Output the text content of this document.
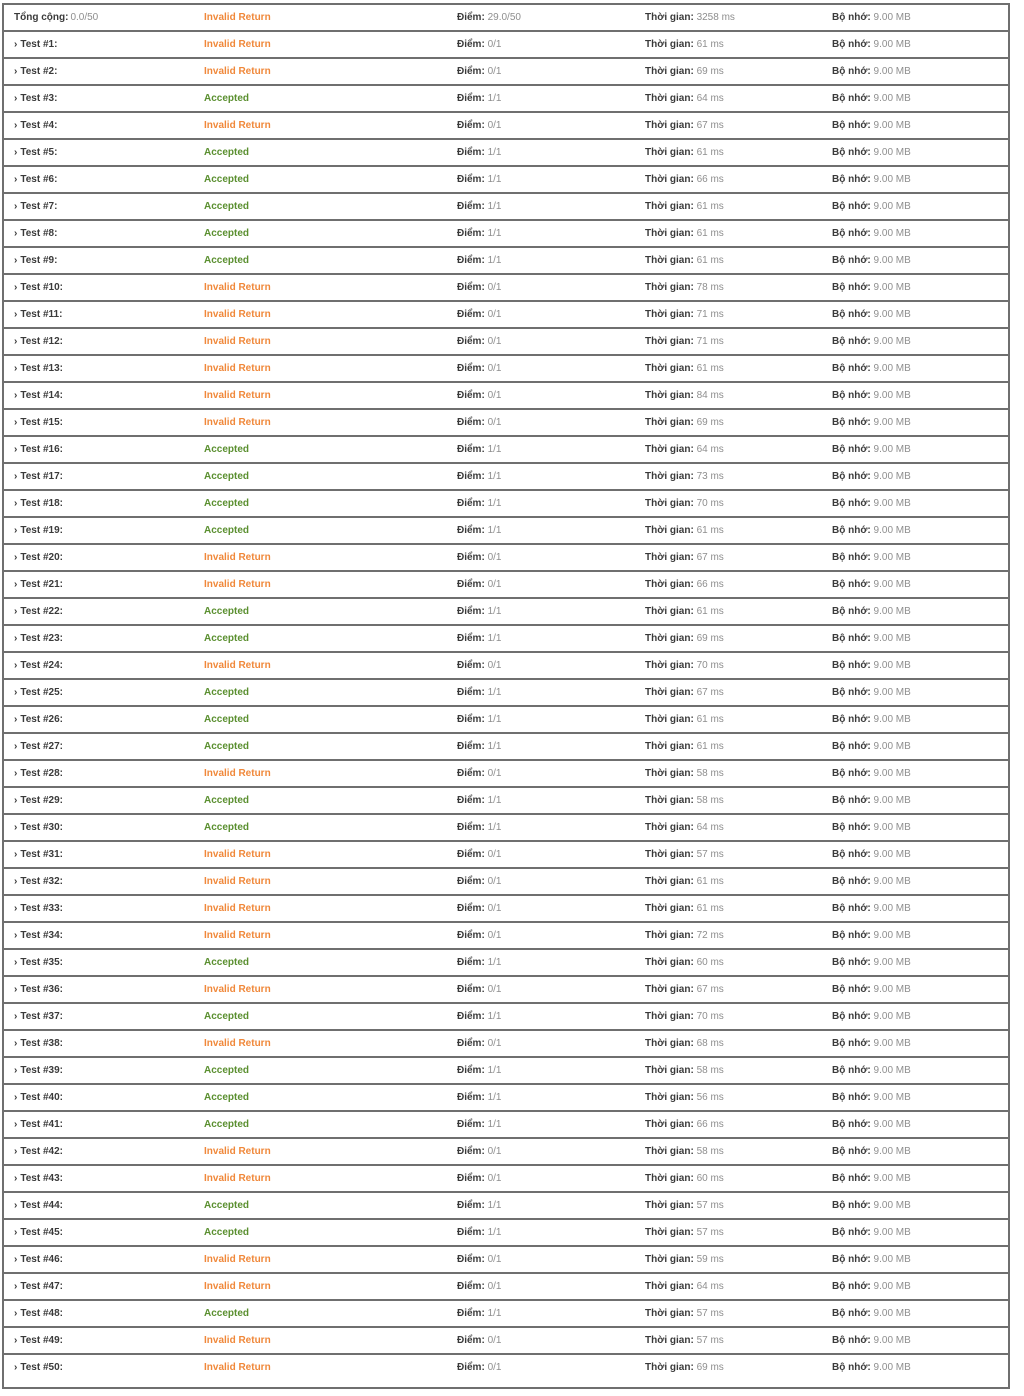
Tổng cộng: 0.0/50	Invalid Return	Điểm: 29.0/50	Thời gian: 3258 ms	Bộ nhớ: 9.00 MB
› Test #1:	Invalid Return	Điểm: 0/1	Thời gian: 61 ms	Bộ nhớ: 9.00 MB
› Test #2:	Invalid Return	Điểm: 0/1	Thời gian: 69 ms	Bộ nhớ: 9.00 MB
› Test #3:	Accepted	Điểm: 1/1	Thời gian: 64 ms	Bộ nhớ: 9.00 MB
› Test #4:	Invalid Return	Điểm: 0/1	Thời gian: 67 ms	Bộ nhớ: 9.00 MB
› Test #5:	Accepted	Điểm: 1/1	Thời gian: 61 ms	Bộ nhớ: 9.00 MB
› Test #6:	Accepted	Điểm: 1/1	Thời gian: 66 ms	Bộ nhớ: 9.00 MB
› Test #7:	Accepted	Điểm: 1/1	Thời gian: 61 ms	Bộ nhớ: 9.00 MB
› Test #8:	Accepted	Điểm: 1/1	Thời gian: 61 ms	Bộ nhớ: 9.00 MB
› Test #9:	Accepted	Điểm: 1/1	Thời gian: 61 ms	Bộ nhớ: 9.00 MB
› Test #10:	Invalid Return	Điểm: 0/1	Thời gian: 78 ms	Bộ nhớ: 9.00 MB
› Test #11:	Invalid Return	Điểm: 0/1	Thời gian: 71 ms	Bộ nhớ: 9.00 MB
› Test #12:	Invalid Return	Điểm: 0/1	Thời gian: 71 ms	Bộ nhớ: 9.00 MB
› Test #13:	Invalid Return	Điểm: 0/1	Thời gian: 61 ms	Bộ nhớ: 9.00 MB
› Test #14:	Invalid Return	Điểm: 0/1	Thời gian: 84 ms	Bộ nhớ: 9.00 MB
› Test #15:	Invalid Return	Điểm: 0/1	Thời gian: 69 ms	Bộ nhớ: 9.00 MB
› Test #16:	Accepted	Điểm: 1/1	Thời gian: 64 ms	Bộ nhớ: 9.00 MB
› Test #17:	Accepted	Điểm: 1/1	Thời gian: 73 ms	Bộ nhớ: 9.00 MB
› Test #18:	Accepted	Điểm: 1/1	Thời gian: 70 ms	Bộ nhớ: 9.00 MB
› Test #19:	Accepted	Điểm: 1/1	Thời gian: 61 ms	Bộ nhớ: 9.00 MB
› Test #20:	Invalid Return	Điểm: 0/1	Thời gian: 67 ms	Bộ nhớ: 9.00 MB
› Test #21:	Invalid Return	Điểm: 0/1	Thời gian: 66 ms	Bộ nhớ: 9.00 MB
› Test #22:	Accepted	Điểm: 1/1	Thời gian: 61 ms	Bộ nhớ: 9.00 MB
› Test #23:	Accepted	Điểm: 1/1	Thời gian: 69 ms	Bộ nhớ: 9.00 MB
› Test #24:	Invalid Return	Điểm: 0/1	Thời gian: 70 ms	Bộ nhớ: 9.00 MB
› Test #25:	Accepted	Điểm: 1/1	Thời gian: 67 ms	Bộ nhớ: 9.00 MB
› Test #26:	Accepted	Điểm: 1/1	Thời gian: 61 ms	Bộ nhớ: 9.00 MB
› Test #27:	Accepted	Điểm: 1/1	Thời gian: 61 ms	Bộ nhớ: 9.00 MB
› Test #28:	Invalid Return	Điểm: 0/1	Thời gian: 58 ms	Bộ nhớ: 9.00 MB
› Test #29:	Accepted	Điểm: 1/1	Thời gian: 58 ms	Bộ nhớ: 9.00 MB
› Test #30:	Accepted	Điểm: 1/1	Thời gian: 64 ms	Bộ nhớ: 9.00 MB
› Test #31:	Invalid Return	Điểm: 0/1	Thời gian: 57 ms	Bộ nhớ: 9.00 MB
› Test #32:	Invalid Return	Điểm: 0/1	Thời gian: 61 ms	Bộ nhớ: 9.00 MB
› Test #33:	Invalid Return	Điểm: 0/1	Thời gian: 61 ms	Bộ nhớ: 9.00 MB
› Test #34:	Invalid Return	Điểm: 0/1	Thời gian: 72 ms	Bộ nhớ: 9.00 MB
› Test #35:	Accepted	Điểm: 1/1	Thời gian: 60 ms	Bộ nhớ: 9.00 MB
› Test #36:	Invalid Return	Điểm: 0/1	Thời gian: 67 ms	Bộ nhớ: 9.00 MB
› Test #37:	Accepted	Điểm: 1/1	Thời gian: 70 ms	Bộ nhớ: 9.00 MB
› Test #38:	Invalid Return	Điểm: 0/1	Thời gian: 68 ms	Bộ nhớ: 9.00 MB
› Test #39:	Accepted	Điểm: 1/1	Thời gian: 58 ms	Bộ nhớ: 9.00 MB
› Test #40:	Accepted	Điểm: 1/1	Thời gian: 56 ms	Bộ nhớ: 9.00 MB
› Test #41:	Accepted	Điểm: 1/1	Thời gian: 66 ms	Bộ nhớ: 9.00 MB
› Test #42:	Invalid Return	Điểm: 0/1	Thời gian: 58 ms	Bộ nhớ: 9.00 MB
› Test #43:	Invalid Return	Điểm: 0/1	Thời gian: 60 ms	Bộ nhớ: 9.00 MB
› Test #44:	Accepted	Điểm: 1/1	Thời gian: 57 ms	Bộ nhớ: 9.00 MB
› Test #45:	Accepted	Điểm: 1/1	Thời gian: 57 ms	Bộ nhớ: 9.00 MB
› Test #46:	Invalid Return	Điểm: 0/1	Thời gian: 59 ms	Bộ nhớ: 9.00 MB
› Test #47:	Invalid Return	Điểm: 0/1	Thời gian: 64 ms	Bộ nhớ: 9.00 MB
› Test #48:	Accepted	Điểm: 1/1	Thời gian: 57 ms	Bộ nhớ: 9.00 MB
› Test #49:	Invalid Return	Điểm: 0/1	Thời gian: 57 ms	Bộ nhớ: 9.00 MB
› Test #50:	Invalid Return	Điểm: 0/1	Thời gian: 69 ms	Bộ nhớ: 9.00 MB
